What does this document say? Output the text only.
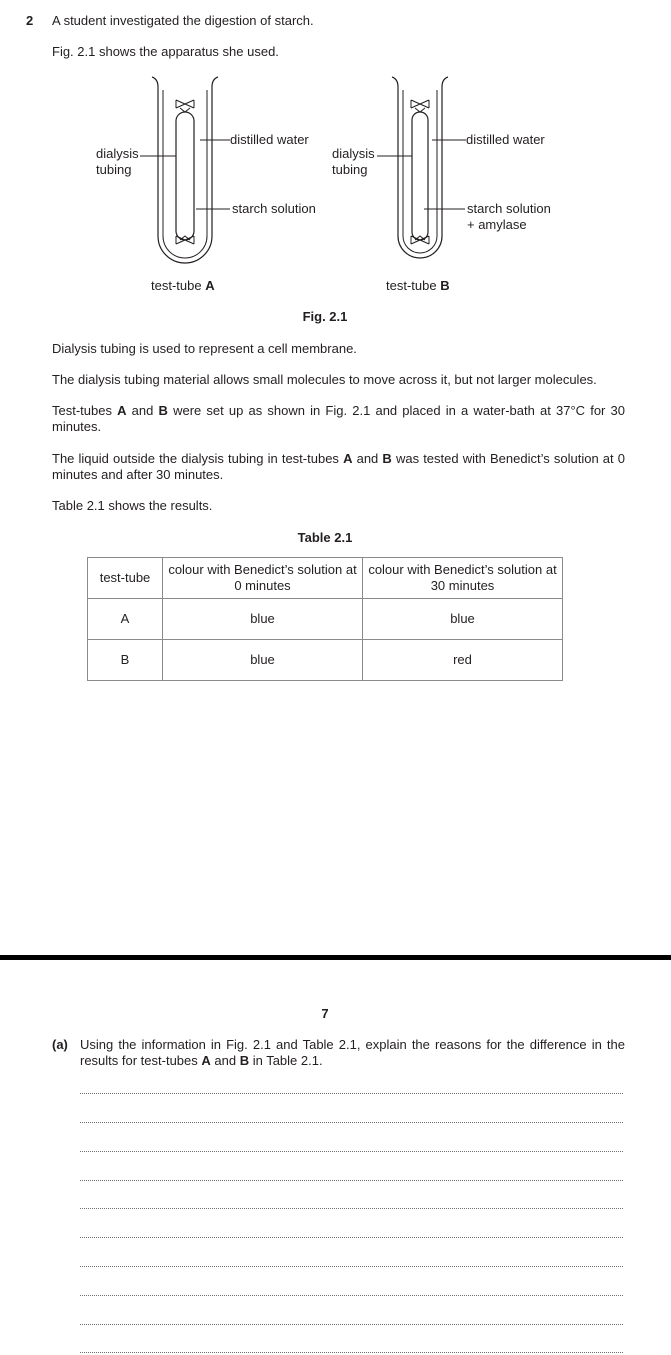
2 A student investigated the digestion of starch.
Fig. 2.1 shows the apparatus she used.
dialysis
tubing
distilled water
starch solution
test-tube A
dialysis
tubing
distilled water
starch solution
+ amylase
test-tube B
Fig. 2.1
Dialysis tubing is used to represent a cell membrane.
The dialysis tubing material allows small molecules to move across it, but not larger molecules.
Test-tubes A and B were set up as shown in Fig. 2.1 and placed in a water-bath at 37°C for 30 minutes.
The liquid outside the dialysis tubing in test-tubes A and B was tested with Benedict’s solution at 0 minutes and after 30 minutes.
Table 2.1 shows the results.
Table 2.1
test-tube	colour with Benedict’s solution at 0 minutes	colour with Benedict’s solution at 30 minutes
A	blue	blue
B	blue	red
7
(a) Using the information in Fig. 2.1 and Table 2.1, explain the reasons for the difference in the results for test-tubes A and B in Table 2.1.
